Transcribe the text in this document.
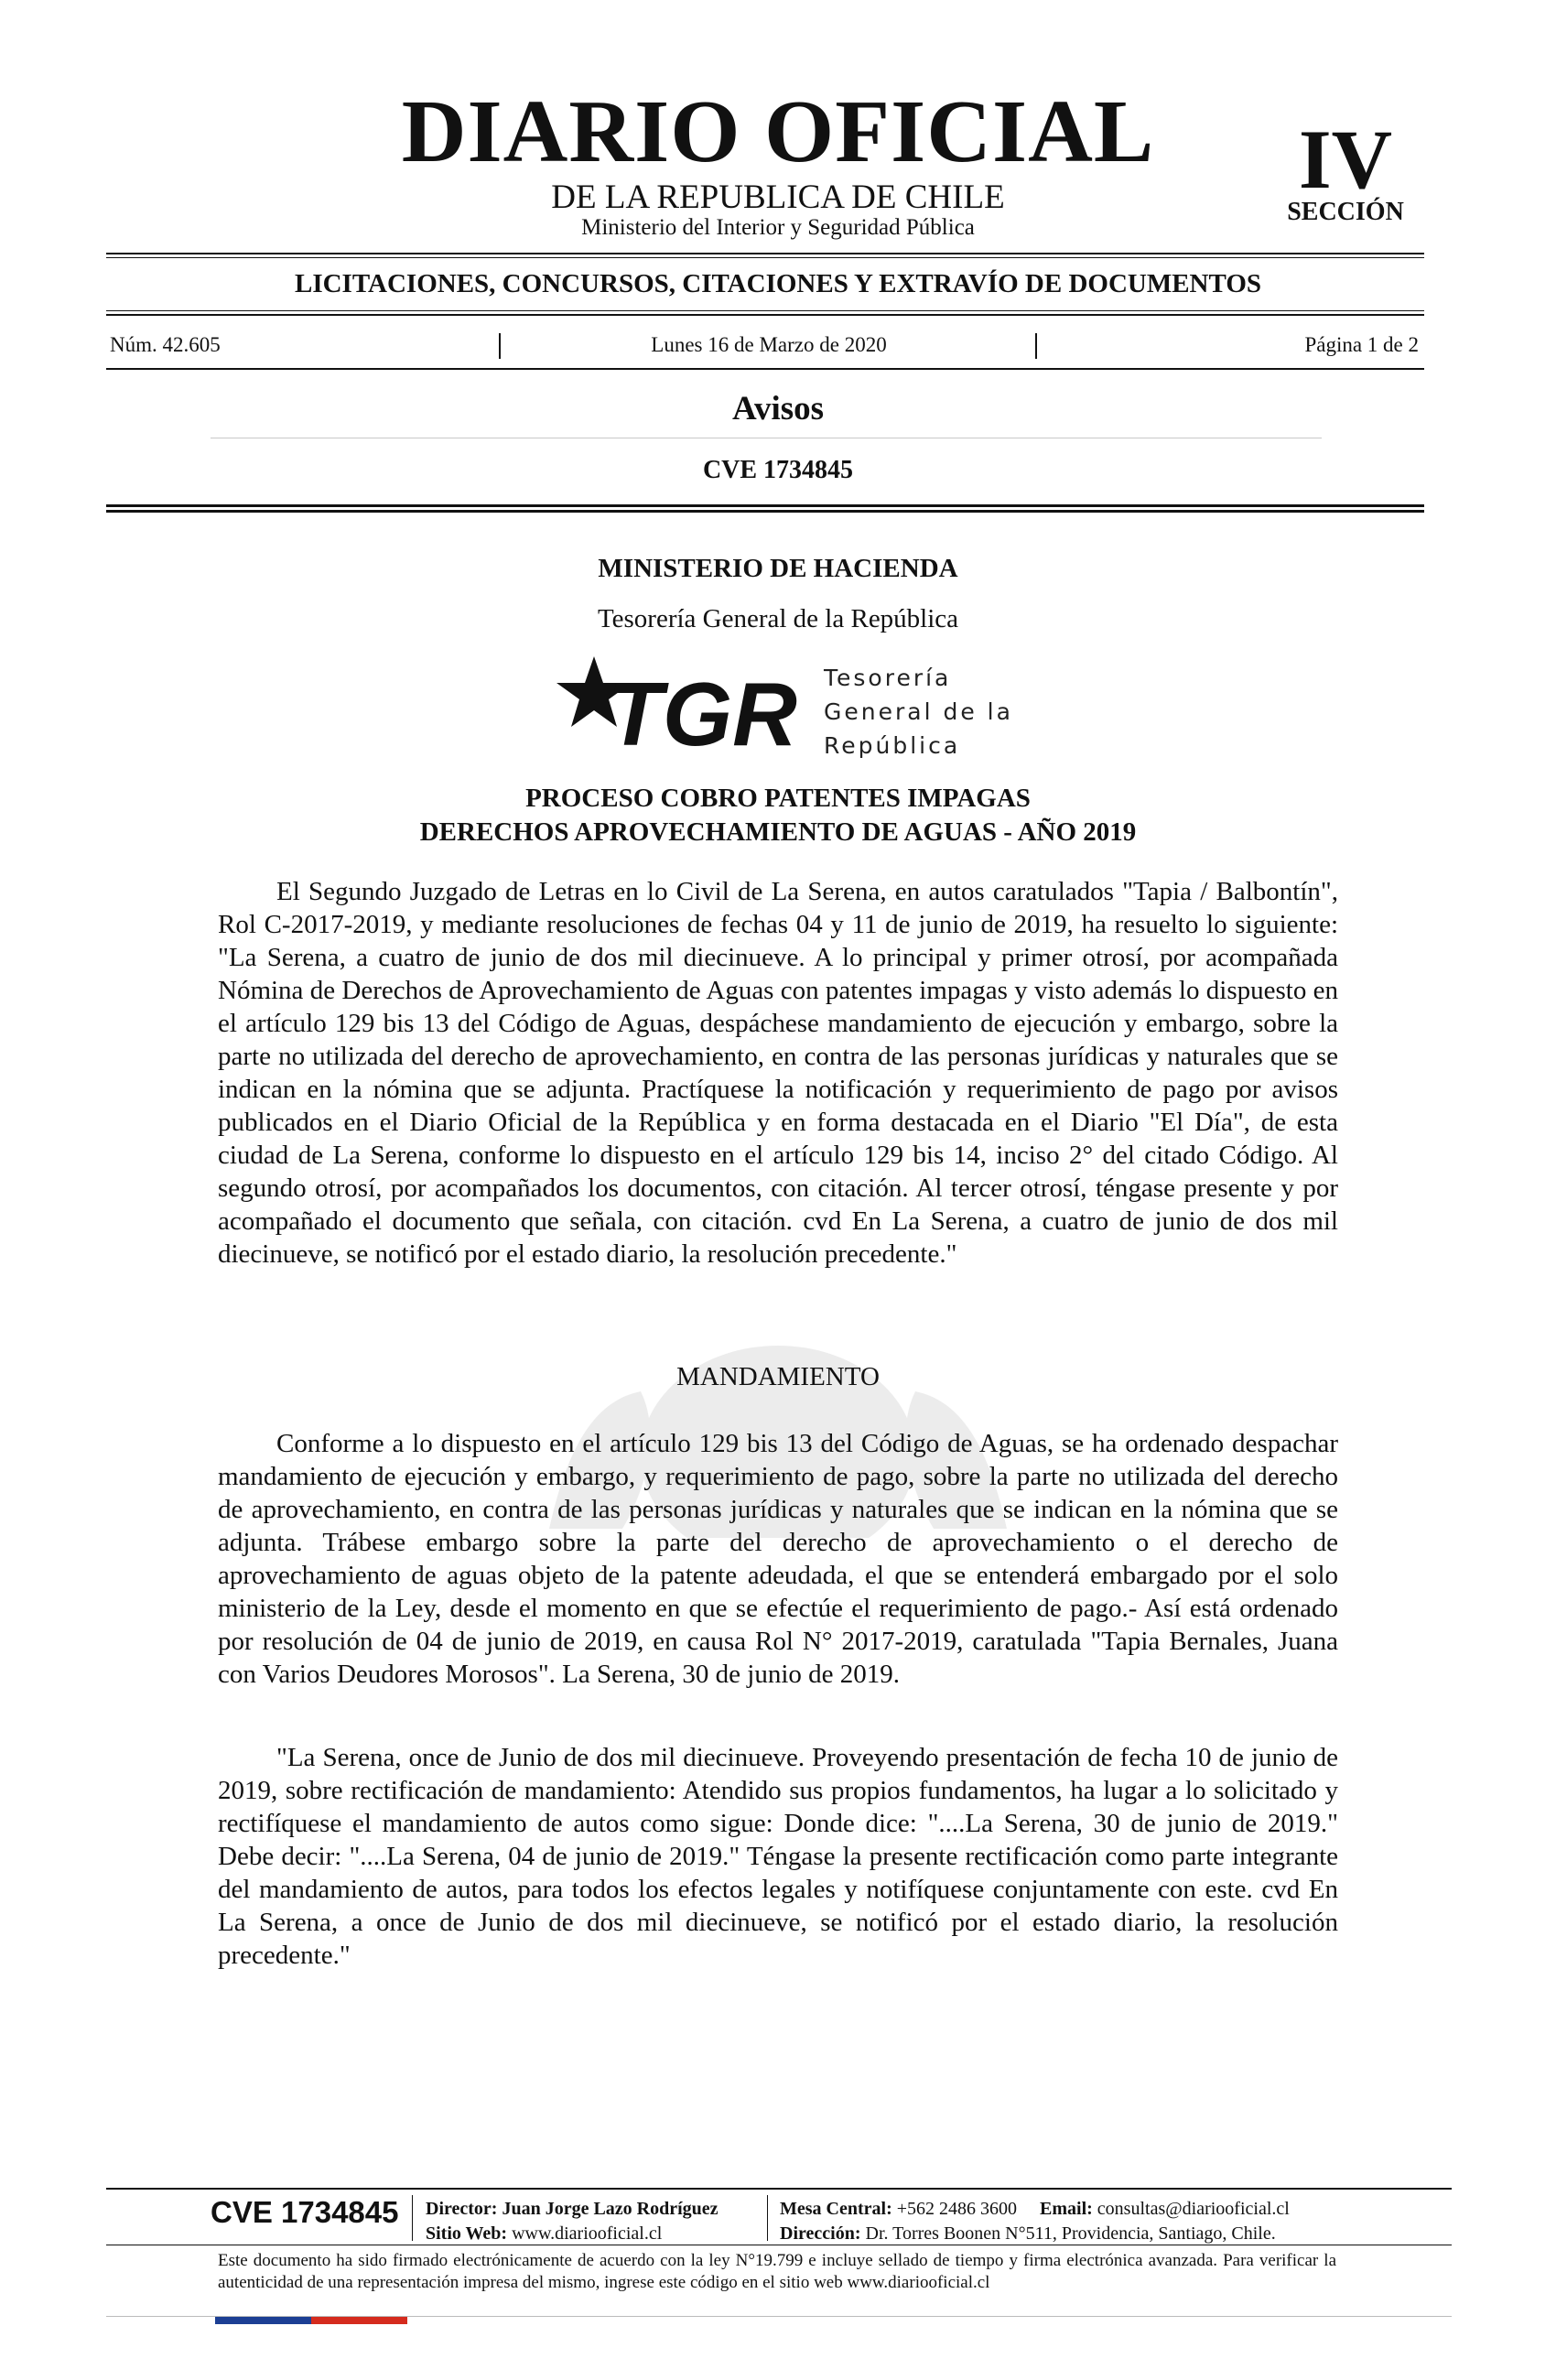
DIARIO OFICIAL
DE LA REPUBLICA DE CHILE
Ministerio del Interior y Seguridad Pública
IV
SECCIÓN
LICITACIONES, CONCURSOS, CITACIONES Y EXTRAVÍO DE DOCUMENTOS
Núm. 42.605	Lunes 16 de Marzo de 2020	Página 1 de 2
Avisos
CVE 1734845
MINISTERIO DE HACIENDA
Tesorería General de la República
TGR Tesorería
General de la
República
PROCESO COBRO PATENTES IMPAGAS
DERECHOS APROVECHAMIENTO DE AGUAS - AÑO 2019
El Segundo Juzgado de Letras en lo Civil de La Serena, en autos caratulados "Tapia / Balbontín", Rol C-2017-2019, y mediante resoluciones de fechas 04 y 11 de junio de 2019, ha resuelto lo siguiente: "La Serena, a cuatro de junio de dos mil diecinueve. A lo principal y primer otrosí, por acompañada Nómina de Derechos de Aprovechamiento de Aguas con patentes impagas y visto además lo dispuesto en el artículo 129 bis 13 del Código de Aguas, despáchese mandamiento de ejecución y embargo, sobre la parte no utilizada del derecho de aprovechamiento, en contra de las personas jurídicas y naturales que se indican en la nómina que se adjunta. Practíquese la notificación y requerimiento de pago por avisos publicados en el Diario Oficial de la República y en forma destacada en el Diario "El Día", de esta ciudad de La Serena, conforme lo dispuesto en el artículo 129 bis 14, inciso 2° del citado Código. Al segundo otrosí, por acompañados los documentos, con citación. Al tercer otrosí, téngase presente y por acompañado el documento que señala, con citación. cvd En La Serena, a cuatro de junio de dos mil diecinueve, se notificó por el estado diario, la resolución precedente."
MANDAMIENTO
Conforme a lo dispuesto en el artículo 129 bis 13 del Código de Aguas, se ha ordenado despachar mandamiento de ejecución y embargo, y requerimiento de pago, sobre la parte no utilizada del derecho de aprovechamiento, en contra de las personas jurídicas y naturales que se indican en la nómina que se adjunta. Trábese embargo sobre la parte del derecho de aprovechamiento o el derecho de aprovechamiento de aguas objeto de la patente adeudada, el que se entenderá embargado por el solo ministerio de la Ley, desde el momento en que se efectúe el requerimiento de pago.- Así está ordenado por resolución de 04 de junio de 2019, en causa Rol N° 2017-2019, caratulada "Tapia Bernales, Juana con Varios Deudores Morosos". La Serena, 30 de junio de 2019.
"La Serena, once de Junio de dos mil diecinueve. Proveyendo presentación de fecha 10 de junio de 2019, sobre rectificación de mandamiento: Atendido sus propios fundamentos, ha lugar a lo solicitado y rectifíquese el mandamiento de autos como sigue: Donde dice: "....La Serena, 30 de junio de 2019." Debe decir: "....La Serena, 04 de junio de 2019." Téngase la presente rectificación como parte integrante del mandamiento de autos, para todos los efectos legales y notifíquese conjuntamente con este. cvd En La Serena, a once de Junio de dos mil diecinueve, se notificó por el estado diario, la resolución precedente."
CVE 1734845 Director: Juan Jorge Lazo Rodríguez
Sitio Web: www.diariooficial.cl
Mesa Central: +562 2486 3600 Email: consultas@diariooficial.cl
Dirección: Dr. Torres Boonen N°511, Providencia, Santiago, Chile.
Este documento ha sido firmado electrónicamente de acuerdo con la ley N°19.799 e incluye sellado de tiempo y firma electrónica avanzada. Para verificar la autenticidad de una representación impresa del mismo, ingrese este código en el sitio web www.diariooficial.cl
